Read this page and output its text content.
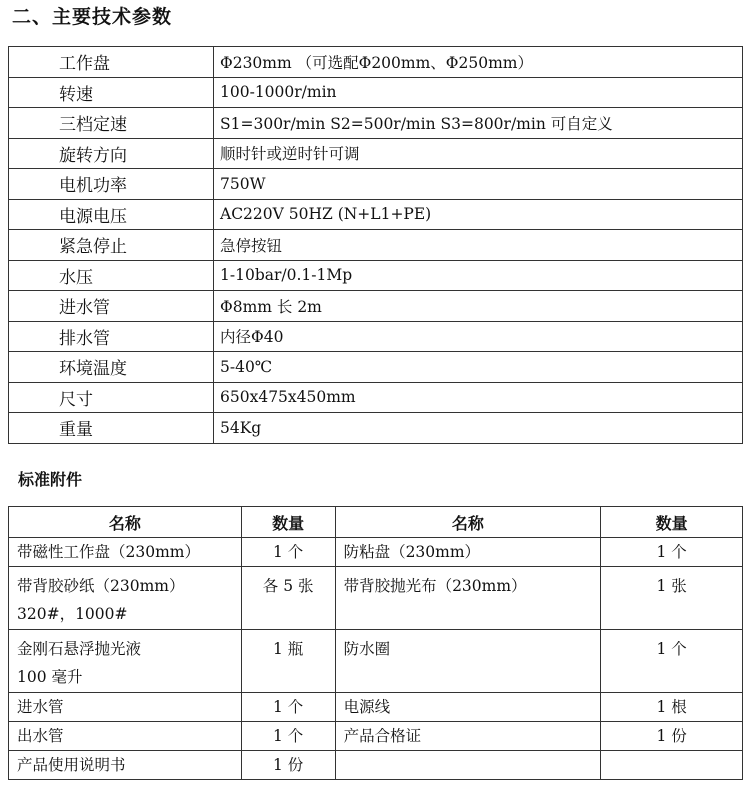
二、主要技术参数
工作盘	Φ230mm （可选配Φ200mm、Φ250mm）
转速	100-1000r/min
三档定速	S1=300r/min S2=500r/min S3=800r/min 可自定义
旋转方向	顺时针或逆时针可调
电机功率	750W
电源电压	AC220V 50HZ (N+L1+PE)
紧急停止	急停按钮
水压	1-10bar/0.1-1Mp
进水管	Φ8mm 长 2m
排水管	内径Φ40
环境温度	5-40℃
尺寸	650x475x450mm
重量	54Kg
标准附件
名称	数量	名称	数量
带磁性工作盘（230mm）	1 个	防粘盘（230mm）	1 个
带背胶砂纸（230mm）
320#，1000#	各 5 张	带背胶抛光布（230mm）	1 张
金刚石悬浮抛光液
100 毫升	1 瓶	防水圈	1 个
进水管	1 个	电源线	1 根
出水管	1 个	产品合格证	1 份
产品使用说明书	1 份		
